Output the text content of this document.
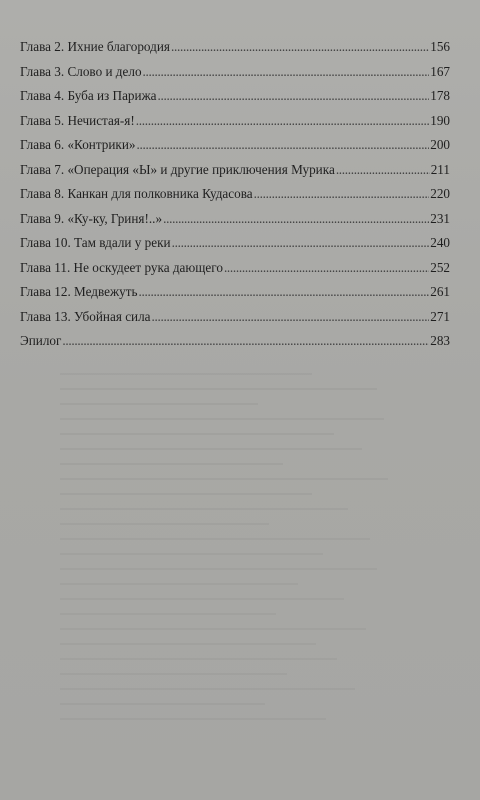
Глава 2. Ихние благородия .....	156
Глава 3. Слово и дело .....	167
Глава 4. Буба из Парижа .....	178
Глава 5. Нечистая-я! .....	190
Глава 6. «Контрики» .....	200
Глава 7. «Операция «Ы» и другие приключения Мурика .....	211
Глава 8. Канкан для полковника Кудасова .....	220
Глава 9. «Ку-ку, Гриня!..» .....	231
Глава 10. Там вдали у реки .....	240
Глава 11. Не оскудеет рука дающего .....	252
Глава 12. Медвежуть .....	261
Глава 13. Убойная сила .....	271
Эпилог .....	283
